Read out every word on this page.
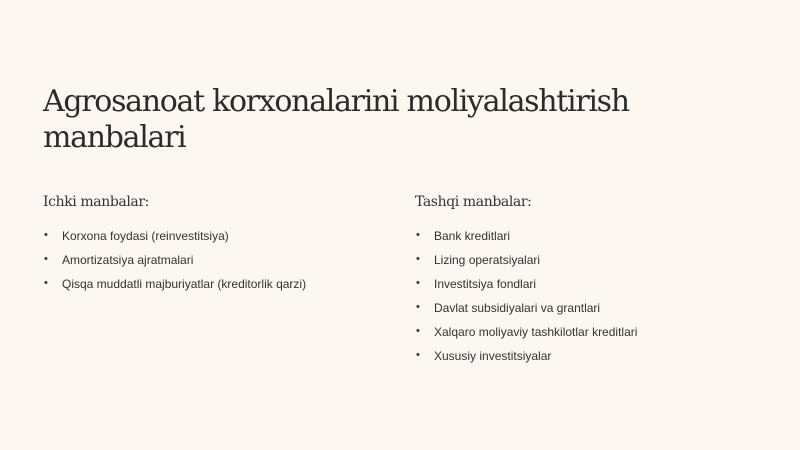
Agrosanoat korxonalarini moliyalashtirish manbalari
Ichki manbalar:
• Korxona foydasi (reinvestitsiya)
• Amortizatsiya ajratmalari
• Qisqa muddatli majburiyatlar (kreditorlik qarzi)
Tashqi manbalar:
• Bank kreditlari
• Lizing operatsiyalari
• Investitsiya fondlari
• Davlat subsidiyalari va grantlari
• Xalqaro moliyaviy tashkilotlar kreditlari
• Xususiy investitsiyalar
